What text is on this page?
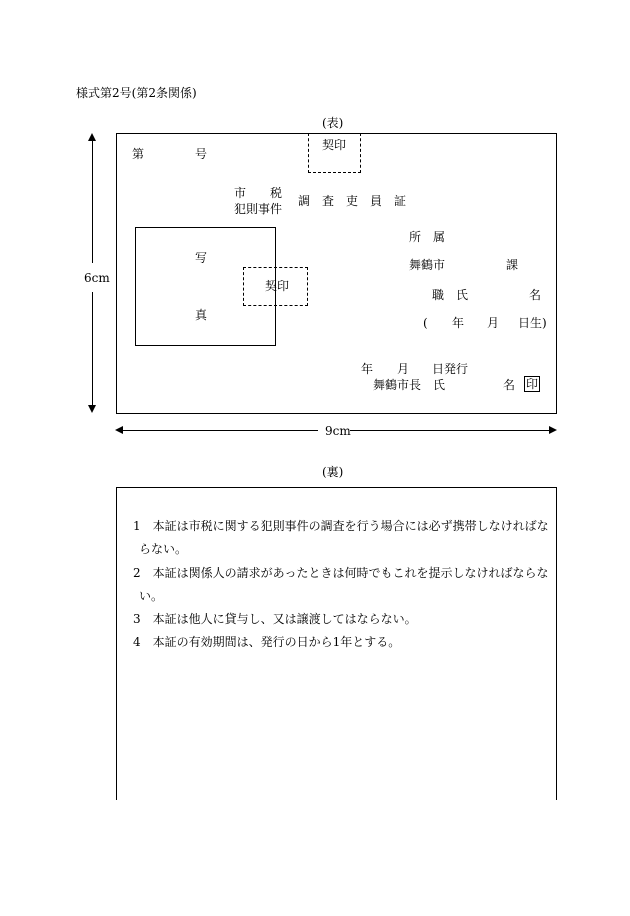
様式第2号(第2条関係)
(表)
契印
第	号
市　　税
犯則事件
調　査　吏　員　証
写
真
契印
所　属
舞鶴市	課
職　氏	名
( 年 月 日生)
年 月 日発行
舞鶴市長　氏	名 印
6cm
9cm
(裏)
1　本証は市税に関する犯則事件の調査を行う場合には必ず携帯しなければな
らない。
2　本証は関係人の請求があったときは何時でもこれを提示しなければならな
い。
3　本証は他人に貸与し、又は譲渡してはならない。
4　本証の有効期間は、発行の日から1年とする。
